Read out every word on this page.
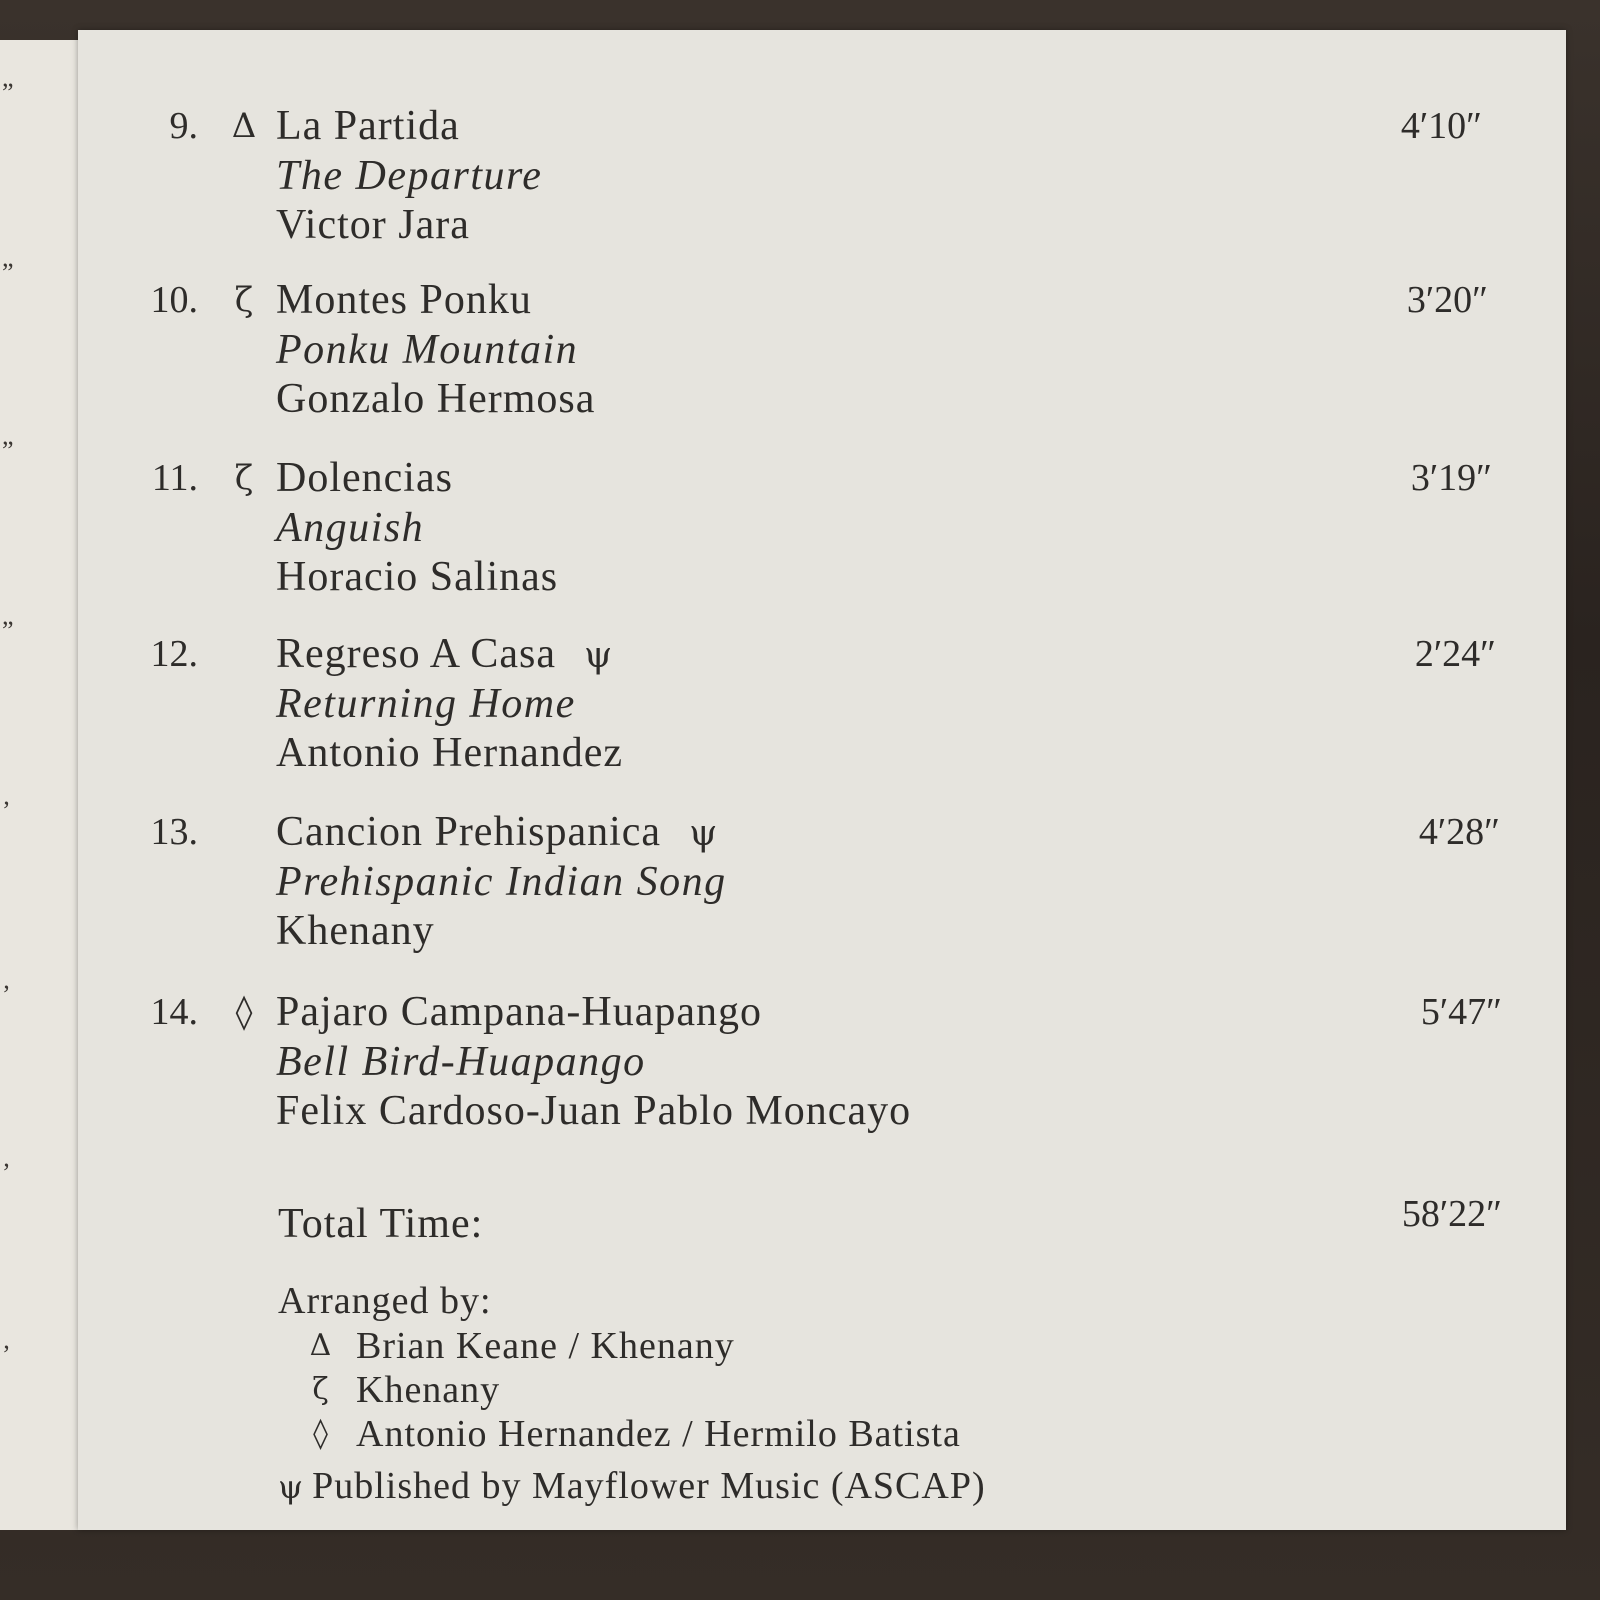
”
”
”
”
’
’
’
’
9. Δ La Partida
The Departure
Victor Jara
4′10″
10. ζ Montes Ponku
Ponku Mountain
Gonzalo Hermosa
3′20″
11. ζ Dolencias
Anguish
Horacio Salinas
3′19″
12. Regreso A Casa ψ
Returning Home
Antonio Hernandez
2′24″
13. Cancion Prehispanica ψ
Prehispanic Indian Song
Khenany
4′28″
14. ◊ Pajaro Campana-Huapango
Bell Bird-Huapango
Felix Cardoso-Juan Pablo Moncayo
5′47″
Total Time:	58′22″
Arranged by:
Δ Brian Keane / Khenany
ζ Khenany
◊ Antonio Hernandez / Hermilo Batista
ψ Published by Mayflower Music (ASCAP)
